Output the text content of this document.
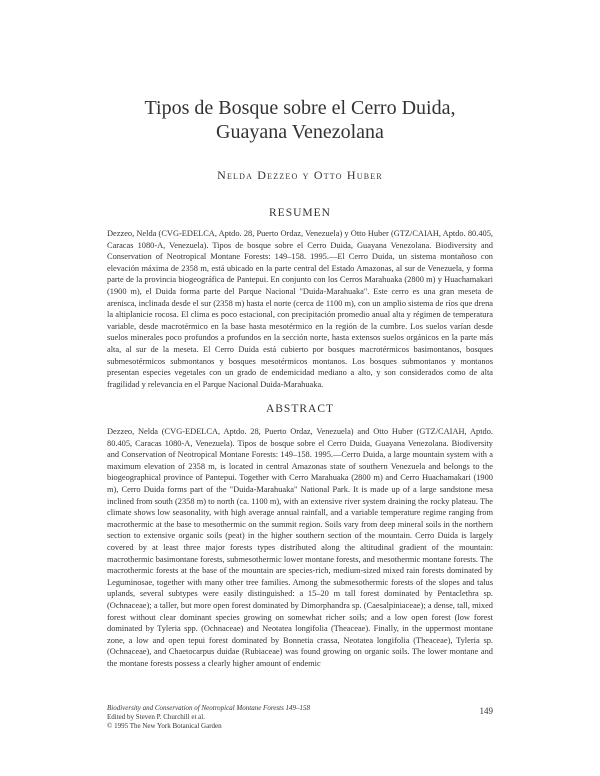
Tipos de Bosque sobre el Cerro Duida,
Guayana Venezolana
Nelda Dezzeo y Otto Huber
RESUMEN
Dezzeo, Nelda (CVG-EDELCA, Aptdo. 28, Puerto Ordaz, Venezuela) y Otto Huber (GTZ/CAIAH, Aptdo. 80.405, Caracas 1080-A, Venezuela). Tipos de bosque sobre el Cerro Duida, Guayana Venezolana. Biodiversity and Conservation of Neotropical Montane Forests: 149–158. 1995.—El Cerro Duida, un sistema montañoso con elevación máxima de 2358 m, está ubicado en la parte central del Estado Amazonas, al sur de Venezuela, y forma parte de la provincia biogeográfica de Pantepui. En conjunto con los Cerros Marahuaka (2800 m) y Huachamakari (1900 m), el Duida forma parte del Parque Nacional "Duida-Marahuaka". Este cerro es una gran meseta de arenisca, inclinada desde el sur (2358 m) hasta el norte (cerca de 1100 m), con un amplio sistema de ríos que drena la altiplanicie rocosa. El clima es poco estacional, con precipitación promedio anual alta y régimen de temperatura variable, desde macrotérmico en la base hasta mesotérmico en la región de la cumbre. Los suelos varían desde suelos minerales poco profundos a profundos en la sección norte, hasta extensos suelos orgánicos en la parte más alta, al sur de la meseta. El Cerro Duida está cubierto por bosques macrotérmicos basimontanos, bosques submesotérmicos submontanos y bosques mesotérmicos montanos. Los bosques submontanos y montanos presentan especies vegetales con un grado de endemicidad mediano a alto, y son considerados como de alta fragilidad y relevancia en el Parque Nacional Duida-Marahuaka.
ABSTRACT
Dezzeo, Nelda (CVG-EDELCA, Aptdo. 28, Puerto Ordaz, Venezuela) and Otto Huber (GTZ/CAIAH, Aptdo. 80.405, Caracas 1080-A, Venezuela). Tipos de bosque sobre el Cerro Duida, Guayana Venezolana. Biodiversity and Conservation of Neotropical Montane Forests: 149–158. 1995.—Cerro Duida, a large mountain system with a maximum elevation of 2358 m, is located in central Amazonas state of southern Venezuela and belongs to the biogeographical province of Pantepui. Together with Cerro Marahuaka (2800 m) and Cerro Huachamakari (1900 m), Cerro Duida forms part of the "Duida-Marahuaka" National Park. It is made up of a large sandstone mesa inclined from south (2358 m) to north (ca. 1100 m), with an extensive river system draining the rocky plateau. The climate shows low seasonality, with high average annual rainfall, and a variable temperature regime ranging from macrothermic at the base to mesothermic on the summit region. Soils vary from deep mineral soils in the northern section to extensive organic soils (peat) in the higher southern section of the mountain. Cerro Duida is largely covered by at least three major forests types distributed along the altitudinal gradient of the mountain: macrothermic basimontane forests, submesothermic lower montane forests, and mesothermic montane forests. The macrothermic forests at the base of the mountain are species-rich, medium-sized mixed rain forests dominated by Leguminosae, together with many other tree families. Among the submesothermic forests of the slopes and talus uplands, several subtypes were easily distinguished: a 15–20 m tall forest dominated by Pentaclethra sp. (Ochnaceae); a taller, but more open forest dominated by Dimorphandra sp. (Caesalpiniaceae); a dense, tall, mixed forest without clear dominant species growing on somewhat richer soils; and a low open forest (low forest dominated by Tyleria spp. (Ochnaceae) and Neotatea longifolia (Theaceae). Finally, in the uppermost montane zone, a low and open tepui forest dominated by Bonnetia crassa, Neotatea longifolia (Theaceae), Tyleria sp. (Ochnaceae), and Chaetocarpus duidae (Rubiaceae) was found growing on organic soils. The lower montane and the montane forests possess a clearly higher amount of endemic
Biodiversity and Conservation of Neotropical Montane Forests 149–158
Edited by Steven P. Churchill et al.
© 1995 The New York Botanical Garden
149
